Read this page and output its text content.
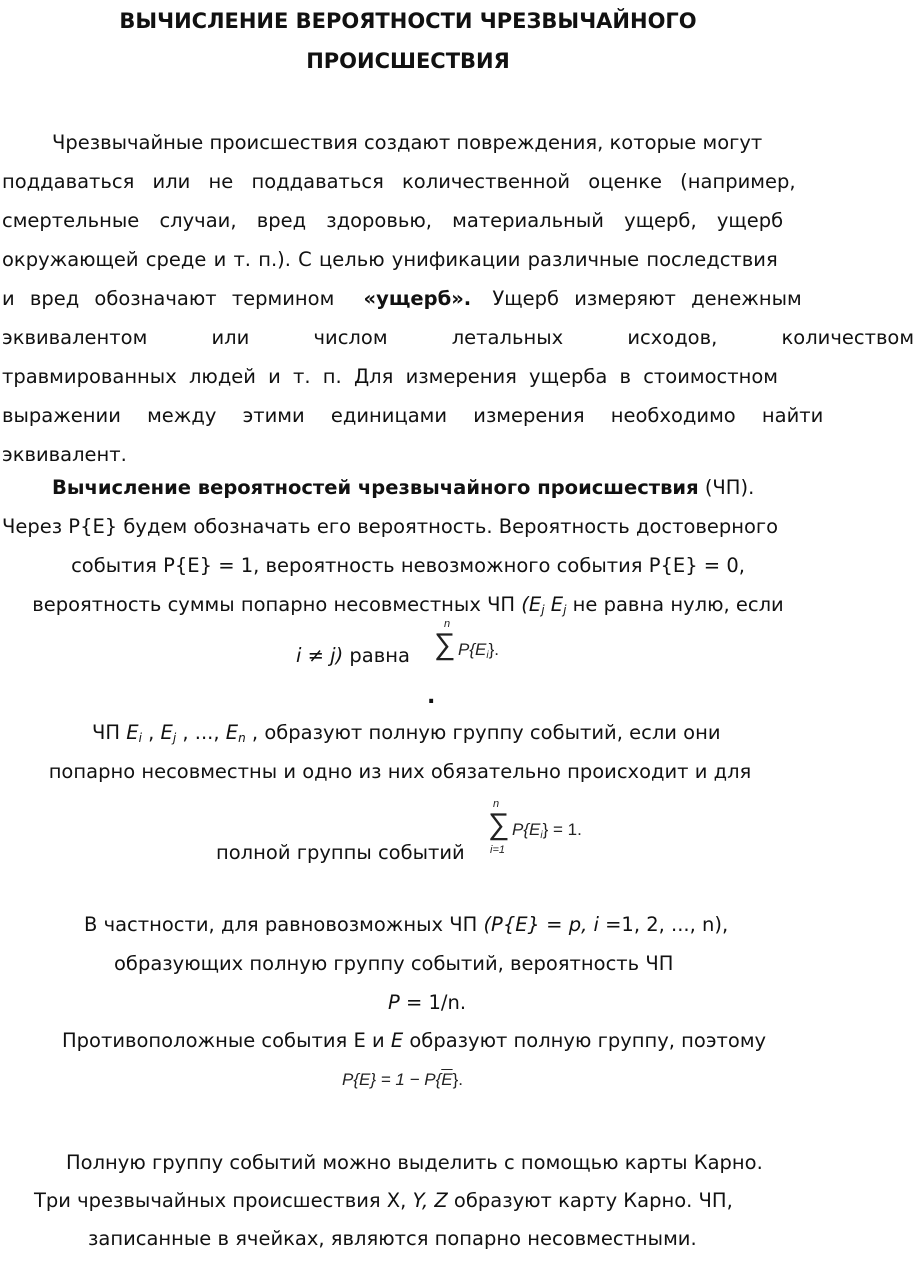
ВЫЧИСЛЕНИЕ ВЕРОЯТНОСТИ ЧРЕЗВЫЧАЙНОГО
ПРОИСШЕСТВИЯ
Чрезвычайные происшествия создают повреждения, которые могут
поддаваться или не поддаваться количественной оценке (например,
смертельные случаи, вред здоровью, материальный ущерб, ущерб
окружающей среде и т. п.). С целью унификации различные последствия
и вред обозначают термином «ущерб». Ущерб измеряют денежным
эквивалентом или числом летальных исходов, количеством
травмированных людей и т. п. Для измерения ущерба в стоимостном
выражении между этими единицами измерения необходимо найти
эквивалент.
Вычисление вероятностей чрезвычайного происшествия (ЧП).
Через P{E} будем обозначать его вероятность. Вероятность достоверного
события P{E} = 1, вероятность невозможного события P{E} = 0,
вероятность суммы попарно несовместных ЧП ($E_j$ $E_j$ не равна нулю, если
i ≠ j) равна
n
∑ $P\{E_i\}$.
.
ЧП $E_i$ , $E_j$ , ..., $E_n$ , образуют полную группу событий, если они
попарно несовместны и одно из них обязательно происходит и для
полной группы событий
n
∑
i=1
$P\{E_i\} = 1$.
В частности, для равновозможных ЧП (P{E} = p, i =1, 2, ..., n),
образующих полную группу событий, вероятность ЧП
P = 1/n.
Противоположные события Е и E образуют полную группу, поэтому
$P\{E\} = 1 - P\{\overline{E}\}$.
Полную группу событий можно выделить с помощью карты Карно.
Три чрезвычайных происшествия X, Y, Z образуют карту Карно. ЧП,
записанные в ячейках, являются попарно несовместными.
